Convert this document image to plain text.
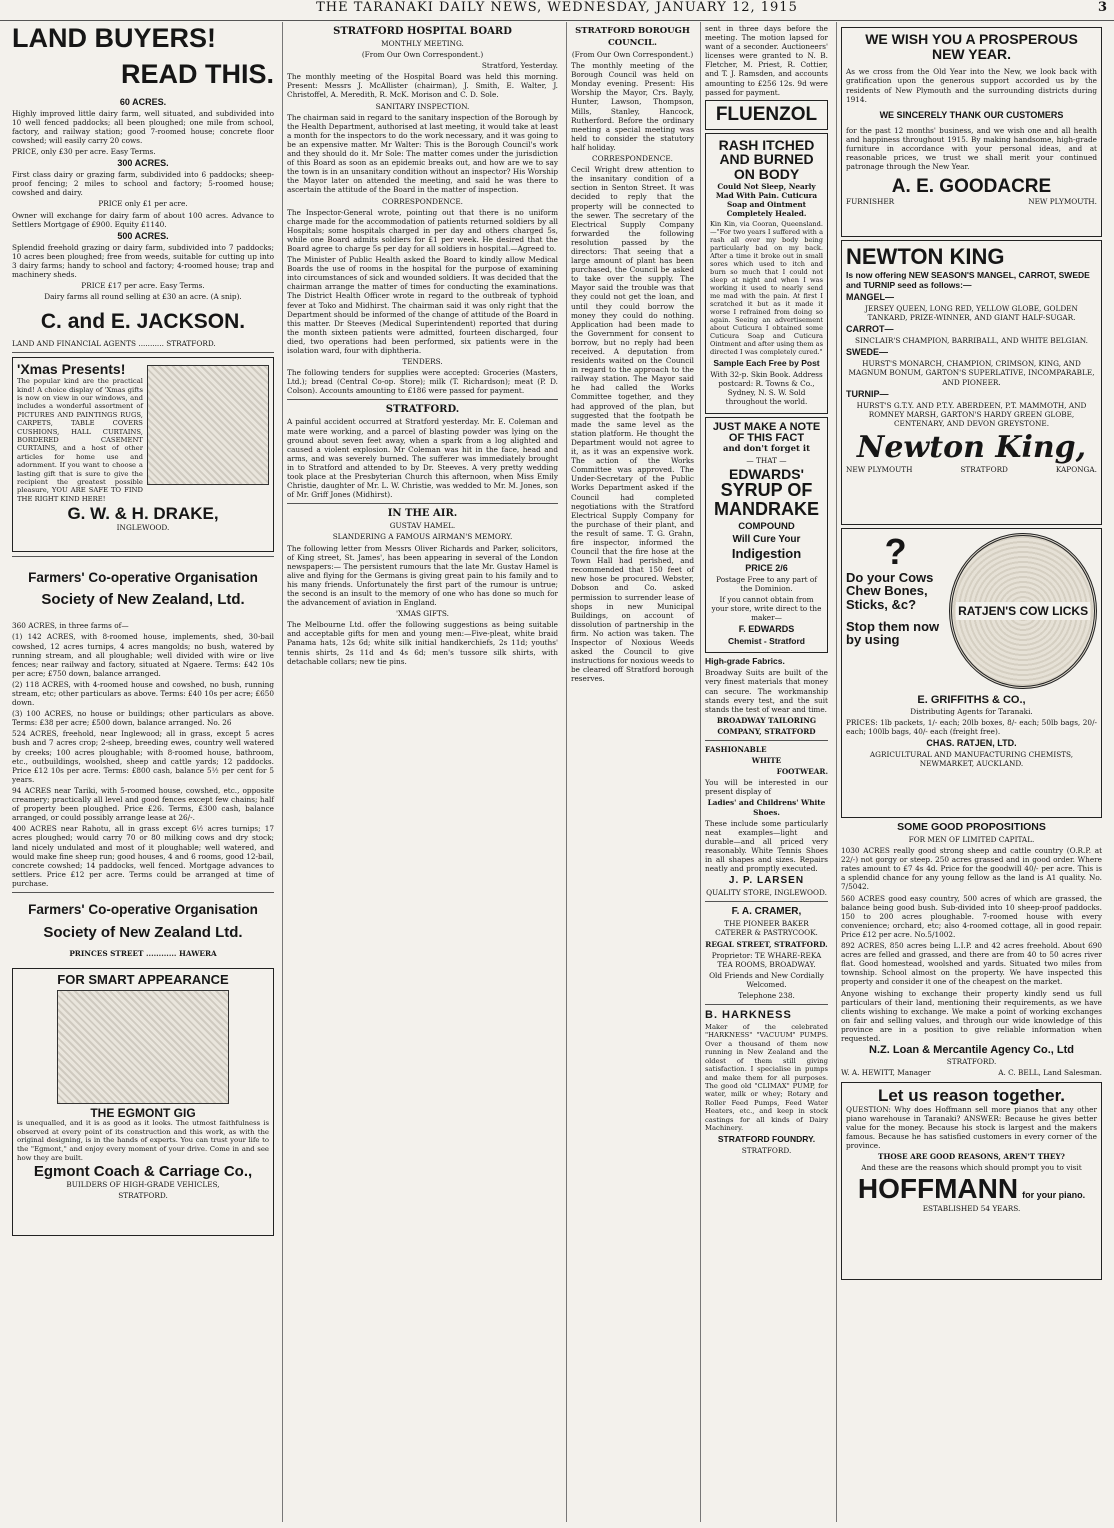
THE TARANAKI DAILY NEWS, WEDNESDAY, JANUARY 12, 1915	3
LAND BUYERS!
READ THIS.
60 ACRES.

Highly improved little dairy farm, well situated, and subdivided into 10 well fenced paddocks; all been ploughed; one mile from school, factory, and railway station; good 7-roomed house; concrete floor cowshed; will easily carry 20 cows.

PRICE, only £30 per acre. Easy Terms.

300 ACRES.

First class dairy or grazing farm, subdivided into 6 paddocks; sheep-proof fencing; 2 miles to school and factory; 5-roomed house; cowshed and dairy.

PRICE only £1 per acre.

Owner will exchange for dairy farm of about 100 acres. Advance to Settlers Mortgage of £900. Equity £1140.

500 ACRES.

Splendid freehold grazing or dairy farm, subdivided into 7 paddocks; 10 acres been ploughed; free from weeds, suitable for cutting up into 3 dairy farms; handy to school and factory; 4-roomed house; trap and machinery sheds.

PRICE £17 per acre. Easy Terms.

Dairy farms all round selling at £30 an acre. (A snip).

C. and E. JACKSON.

LAND AND FINANCIAL AGENTS ........... STRATFORD.

'Xmas Presents!

The popular kind are the practical kind! A choice display of 'Xmas gifts is now on view in our windows, and includes a wonderful assortment of PICTURES AND PAINTINGS RUGS, CARPETS, TABLE COVERS CUSHIONS, HALL CURTAINS, BORDERED CASEMENT CURTAINS, and a host of other articles for home use and adornment. If you want to choose a lasting gift that is sure to give the recipient the greatest possible pleasure, YOU ARE SAFE TO FIND THE RIGHT KIND HERE!

G. W. & H. DRAKE,
INGLEWOOD.
Farmers' Co-operative Organisation
Society of New Zealand, Ltd.

360 ACRES, in three farms of—

(1) 142 ACRES, with 8-roomed house, implements, shed, 30-bail cowshed, 12 acres turnips, 4 acres mangolds; no bush, watered by running stream, and all ploughable; well divided with wire or live fences; near railway and factory, situated at Ngaere. Terms: £42 10s per acre; £750 down, balance arranged.

(2) 118 ACRES, with 4-roomed house and cowshed, no bush, running stream, etc; other particulars as above. Terms: £40 10s per acre; £650 down.

(3) 100 ACRES, no house or buildings; other particulars as above. Terms: £38 per acre; £500 down, balance arranged. No. 26

524 ACRES, freehold, near Inglewood; all in grass, except 5 acres bush and 7 acres crop; 2-sheep, breeding ewes, country well watered by creeks; 100 acres ploughable; with 8-roomed house, bathroom, etc., outbuildings, woolshed, sheep and cattle yards; 12 paddocks. Price £12 10s per acre. Terms: £800 cash, balance 5½ per cent for 5 years.

94 ACRES near Tariki, with 5-roomed house, cowshed, etc., opposite creamery; practically all level and good fences except few chains; half of property been ploughed. Price £26. Terms, £300 cash, balance arranged, or could possibly arrange lease at 26/-.

400 ACRES near Rahotu, all in grass except 6½ acres turnips; 17 acres ploughed; would carry 70 or 80 milking cows and dry stock; land nicely undulated and most of it ploughable; well watered, and would make fine sheep run; good houses, 4 and 6 rooms, good 12-bail, concrete cowshed; 14 paddocks, well fenced. Mortgage advances to settlers. Price £12 per acre. Terms could be arranged at time of purchase.

Farmers' Co-operative Organisation
Society of New Zealand Ltd.
PRINCES STREET ............ HAWERA
FOR SMART APPEARANCE
THE EGMONT GIG

is unequalled, and it is as good as it looks. The utmost faithfulness is observed at every point of its construction and this work, as with the original designing, is in the hands of experts. You can trust your life to the "Egmont," and enjoy every moment of your drive. Come in and see how they are built.

Egmont Coach & Carriage Co.,
BUILDERS OF HIGH-GRADE VEHICLES,
STRATFORD.
STRATFORD HOSPITAL BOARD
MONTHLY MEETING.
(From Our Own Correspondent.)

Stratford, Yesterday.

The monthly meeting of the Hospital Board was held this morning. Present: Messrs J. McAllister (chairman), J. Smith, E. Walter, J. Christoffel, A. Meredith, R. McK. Morison and C. D. Sole.

SANITARY INSPECTION.

The chairman said in regard to the sanitary inspection of the Borough by the Health Department, authorised at last meeting, it would take at least a month for the inspectors to do the work necessary, and it was going to be an expensive matter. Mr Walter: This is the Borough Council's work and they should do it. Mr Sole: The matter comes under the jurisdiction of this Board as soon as an epidemic breaks out, and how are we to say the town is in an unsanitary condition without an inspector? His Worship the Mayor later on attended the meeting, and said he was there to ascertain the attitude of the Board in the matter of inspection.

CORRESPONDENCE.

The Inspector-General wrote, pointing out that there is no uniform charge made for the accommodation of patients returned soldiers by all Hospitals; some hospitals charged in per day and others charged 5s, while one Board admits soldiers for £1 per week. He desired that the Board agree to charge 5s per day for all soldiers in hospital.—Agreed to.

The Minister of Public Health asked the Board to kindly allow Medical Boards the use of rooms in the hospital for the purpose of examining into circumstances of sick and wounded soldiers. It was decided that the chairman arrange the matter of times for conducting the examinations. The District Health Officer wrote in regard to the outbreak of typhoid fever at Toko and Midhirst. The chairman said it was only right that the Department should be informed of the change of attitude of the Board in this matter. Dr Steeves (Medical Superintendent) reported that during the month sixteen patients were admitted, fourteen discharged, four died, two operations had been performed, six patients were in the isolation ward, four with diphtheria.

TENDERS.

The following tenders for supplies were accepted: Groceries (Masters, Ltd.); bread (Central Co-op. Store); milk (T. Richardson); meat (P. D. Colson). Accounts amounting to £186 were passed for payment.

STRATFORD.

A painful accident occurred at Stratford yesterday. Mr. E. Coleman and mate were working, and a parcel of blasting powder was lying on the ground about seven feet away, when a spark from a log alighted and caused a violent explosion. Mr Coleman was hit in the face, head and arms, and was severely burned. The sufferer was immediately brought in to Stratford and attended to by Dr. Steeves. A very pretty wedding took place at the Presbyterian Church this afternoon, when Miss Emily Christie, daughter of Mr. L. W. Christie, was wedded to Mr. M. Jones, son of Mr. Griff Jones (Midhirst).

IN THE AIR.
GUSTAV HAMEL.
SLANDERING A FAMOUS AIRMAN'S MEMORY.

The following letter from Messrs Oliver Richards and Parker, solicitors, of King street, St. James', has been appearing in several of the London newspapers:— The persistent rumours that the late Mr. Gustav Hamel is alive and flying for the Germans is giving great pain to his family and to his many friends. Unfortunately the first part of the rumour is untrue; the second is an insult to the memory of one who has done so much for the advancement of aviation in England.

'XMAS GIFTS.

The Melbourne Ltd. offer the following suggestions as being suitable and acceptable gifts for men and young men:—Five-pleat, white braid Panama hats, 12s 6d; white silk initial handkerchiefs, 2s 11d; youths' tennis shirts, 2s 11d and 4s 6d; men's tussore silk shirts, with detachable collars; new tie pins.

STRATFORD BOROUGH
COUNCIL.
(From Our Own Correspondent.)

The monthly meeting of the Borough Council was held on Monday evening. Present: His Worship the Mayor, Crs. Bayly, Hunter, Lawson, Thompson, Mills, Stanley, Hancock, Rutherford. Before the ordinary meeting a special meeting was held to consider the statutory half holiday.

CORRESPONDENCE.

Cecil Wright drew attention to the insanitary condition of a section in Senton Street. It was decided to reply that the property will be connected to the sewer. The secretary of the Electrical Supply Company forwarded the following resolution passed by the directors: That seeing that a large amount of plant has been purchased, the Council be asked to take over the supply. The Mayor said the trouble was that they could not get the loan, and until they could borrow the money they could do nothing. Application had been made to the Government for consent to borrow, but no reply had been received. A deputation from residents waited on the Council in regard to the approach to the railway station. The Mayor said he had called the Works Committee together, and they had approved of the plan, but suggested that the footpath be made the same level as the station platform. He thought the Department would not agree to it, as it was an expensive work. The action of the Works Committee was approved. The Under-Secretary of the Public Works Department asked if the Council had completed negotiations with the Stratford Electrical Supply Company for the purchase of their plant, and the result of same. T. G. Grahn, fire inspector, informed the Council that the fire hose at the Town Hall had perished, and recommended that 150 feet of new hose be procured. Webster, Dobson and Co. asked permission to surrender lease of shops in new Municipal Buildings, on account of dissolution of partnership in the firm. No action was taken. The Inspector of Noxious Weeds asked the Council to give instructions for noxious weeds to be cleared off Stratford borough reserves.

sent in three days before the meeting. The motion lapsed for want of a seconder. Auctioneers' licenses were granted to N. B. Fletcher, M. Priest, R. Cottier, and T. J. Ramsden, and accounts amounting to £256 12s. 9d were passed for payment.

FLUENZOL
RASH ITCHED AND BURNED ON BODY
Could Not Sleep, Nearly Mad With Pain. Cuticura Soap and Ointment Completely Healed.

Kin Kin, via Cooran, Queensland.—"For two years I suffered with a rash all over my body being particularly bad on my back. After a time it broke out in small sores which used to itch and burn so much that I could not sleep at night and when I was working it used to nearly send me mad with the pain. At first I scratched it but as it made it worse I refrained from doing so again. Seeing an advertisement about Cuticura I obtained some Cuticura Soap and Cuticura Ointment and after using them as directed I was completely cured."

Sample Each Free by Post

With 32-p. Skin Book. Address postcard: R. Towns & Co., Sydney, N. S. W. Sold throughout the world.

JUST MAKE A NOTE OF THIS FACT
and don't forget it
— THAT —
EDWARDS'
SYRUP OF
MANDRAKE
COMPOUND
Will Cure Your
Indigestion
PRICE 2/6

Postage Free to any part of the Dominion.

If you cannot obtain from your store, write direct to the maker—

F. EDWARDS
Chemist - Stratford
High-grade Fabrics.

Broadway Suits are built of the very finest materials that money can secure. The workmanship stands every test, and the suit stands the test of wear and time.

BROADWAY TAILORING
COMPANY, STRATFORD
FASHIONABLE
WHITE
FOOTWEAR.

You will be interested in our present display of

Ladies' and Childrens' White Shoes.

These include some particularly neat examples—light and durable—and all priced very reasonably. White Tennis Shoes in all shapes and sizes. Repairs neatly and promptly executed.

J. P. LARSEN
QUALITY STORE, INGLEWOOD.
F. A. CRAMER,
THE PIONEER BAKER CATERER & PASTRYCOOK.
REGAL STREET, STRATFORD.
Proprietor: TE WHARE-REKA TEA ROOMS, BROADWAY.
Old Friends and New Cordially Welcomed.
Telephone 238.
B. HARKNESS

Maker of the celebrated "HARKNESS" "VACUUM" PUMPS. Over a thousand of them now running in New Zealand and the oldest of them still giving satisfaction. I specialise in pumps and make them for all purposes. The good old "CLIMAX" PUMP, for water, milk or whey; Rotary and Roller Feed Pumps, Feed Water Heaters, etc., and keep in stock castings for all kinds of Dairy Machinery.

STRATFORD FOUNDRY.
STRATFORD.
WE WISH YOU A PROSPEROUS
NEW YEAR.

As we cross from the Old Year into the New, we look back with gratification upon the generous support accorded us by the residents of New Plymouth and the surrounding districts during 1914.

WE SINCERELY THANK OUR CUSTOMERS

for the past 12 months' business, and we wish one and all health and happiness throughout 1915. By making handsome, high-grade furniture in accordance with your personal ideas, and at reasonable prices, we trust we shall merit your continued patronage through the New Year.

A. E. GOODACRE
FURNISHER	NEW PLYMOUTH.
NEWTON KING
Is now offering NEW SEASON'S MANGEL, CARROT, SWEDE and TURNIP seed as follows:—
MANGEL—

JERSEY QUEEN, LONG RED, YELLOW GLOBE, GOLDEN TANKARD, PRIZE-WINNER, AND GIANT HALF-SUGAR.

CARROT—

SINCLAIR'S CHAMPION, BARRIBALL, AND WHITE BELGIAN.

SWEDE—

HURST'S MONARCH, CHAMPION, CRIMSON, KING, AND MAGNUM BONUM, GARTON'S SUPERLATIVE, INCOMPARABLE, AND PIONEER.

TURNIP—

HURST'S G.T.Y. AND P.T.Y. ABERDEEN, P.T. MAMMOTH, AND ROMNEY MARSH, GARTON'S HARDY GREEN GLOBE, CENTENARY, AND DEVON GREYSTONE.

Newton King,
NEW PLYMOUTH	STRATFORD	KAPONGA.
?
Do your Cows
Chew Bones,
Sticks, &c?
Stop them now
by using
RATJEN'S COW LICKS
E. GRIFFITHS & CO.,
Distributing Agents for Taranaki.

PRICES: 1lb packets, 1/- each; 20lb boxes, 8/- each; 50lb bags, 20/- each; 100lb bags, 40/- each (freight free).

CHAS. RATJEN, LTD.

AGRICULTURAL AND MANUFACTURING CHEMISTS, NEWMARKET, AUCKLAND.

SOME GOOD PROPOSITIONS
FOR MEN OF LIMITED CAPITAL.

1030 ACRES really good strong sheep and cattle country (O.R.P. at 22/-) not gorgy or steep. 250 acres grassed and in good order. Where rates amount to £7 4s 4d. Price for the goodwill 40/- per acre. This is a splendid chance for any young fellow as the land is A1 quality. No. 7/5042.

560 ACRES good easy country, 500 acres of which are grassed, the balance being good bush. Sub-divided into 10 sheep-proof paddocks. 150 to 200 acres ploughable. 7-roomed house with every convenience; orchard, etc; also 4-roomed cottage, all in good repair. Price £12 per acre. No.5/1002.

892 ACRES, 850 acres being L.I.P. and 42 acres freehold. About 690 acres are felled and grassed, and there are from 40 to 50 acres river flat. Good homestead, woolshed and yards. Situated two miles from township. School almost on the property. We have inspected this property and consider it one of the cheapest on the market.

Anyone wishing to exchange their property kindly send us full particulars of their land, mentioning their requirements, as we have clients wishing to exchange. We make a point of working exchanges on fair and selling values, and through our wide knowledge of this province are in a position to give reliable information when requested.

N.Z. Loan & Mercantile Agency Co., Ltd
STRATFORD.
W. A. HEWITT, Manager	A. C. BELL, Land Salesman.
Let us reason together.

QUESTION: Why does Hoffmann sell more pianos that any other piano warehouse in Taranaki? ANSWER: Because he gives better value for the money. Because his stock is largest and the makers famous. Because he has satisfied customers in every corner of the province.

THOSE ARE GOOD REASONS, AREN'T THEY?
And these are the reasons which should prompt you to visit
HOFFMANN for your piano.
ESTABLISHED 54 YEARS.
